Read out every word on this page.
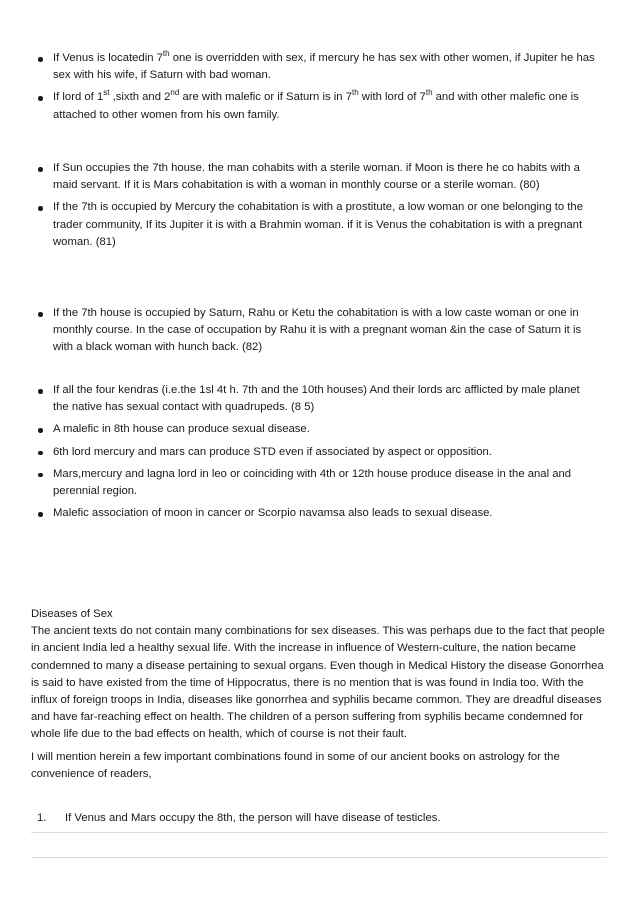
If Venus is locatedin 7th one is overridden with sex, if mercury he has sex with other women, if Jupiter he has sex with his wife, if Saturn with bad woman.
If lord of 1st ,sixth and 2nd are with malefic or if Saturn is in 7th with lord of 7th and with other malefic one is attached to other women from his own family.
If Sun occupies the 7th house. the man cohabits with a sterile woman. if Moon is there he co habits with a maid servant. If it is Mars cohabitation is with a woman in monthly course or a sterile woman. (80)
If the 7th is occupied by Mercury the cohabitation is with a prostitute, a low woman or one belonging to the trader community, If its Jupiter it is with a Brahmin woman. if it is Venus the cohabitation is with a pregnant woman. (81)
If the 7th house is occupied by Saturn, Rahu or Ketu the cohabitation is with a low caste woman or one in monthly course. In the case of occupation by Rahu it is with a pregnant woman &in the case of Saturn it is with a black woman with hunch back. (82)
If all the four kendras (i.e.the 1sl 4t h. 7th and the 10th houses) And their lords arc afflicted by male planet the native has sexual contact with quadrupeds. (8 5)
A malefic in 8th house can produce sexual disease.
6th lord mercury and mars can produce STD even if associated by aspect or opposition.
Mars,mercury and lagna lord in leo or coinciding with 4th or 12th house produce disease in the anal and perennial region.
Malefic association of moon in cancer or Scorpio navamsa also leads to sexual disease.
Diseases of Sex

The ancient texts do not contain many combinations for sex diseases. This was perhaps due to the fact that people in ancient India led a healthy sexual life. With the increase in influence of Western-culture, the nation became condemned to many a disease pertaining to sexual organs. Even though in Medical History the disease Gonorrhea is said to have existed from the time of Hippocratus, there is no mention that is was found in India too. With the influx of foreign troops in India, diseases like gonorrhea and syphilis became common. They are dreadful diseases and have far-reaching effect on health. The children of a person suffering from syphilis became condemned for whole life due to the bad effects on health, which of course is not their fault.

I will mention herein a few important combinations found in some of our ancient books on astrology for the convenience of readers,

1.	If Venus and Mars occupy the 8th, the person will have disease of testicles.
